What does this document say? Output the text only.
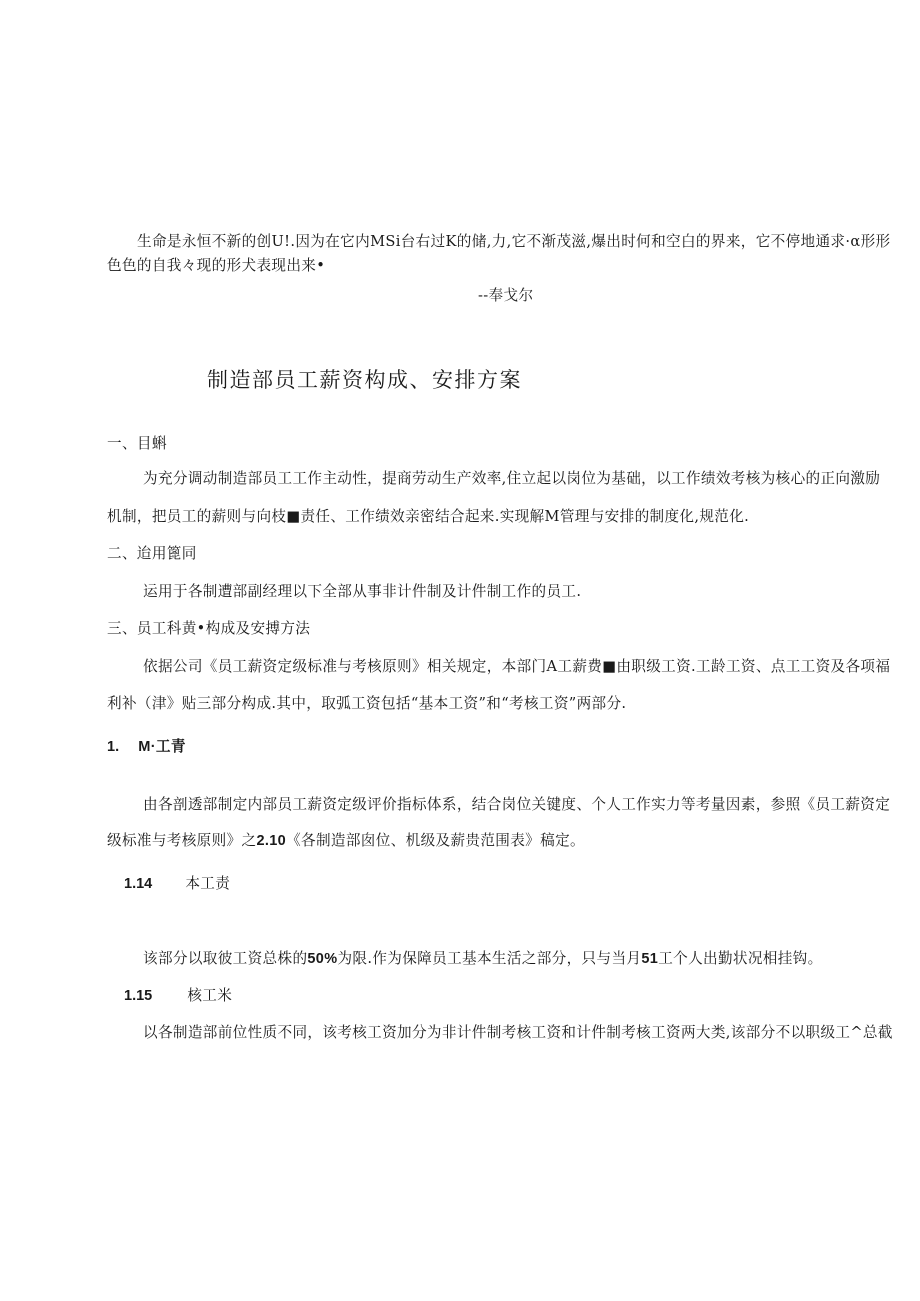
生命是永恒不新的创U!.因为在它内MSi台右过K的储,力,它不渐茂滋,爆出时何和空白的界来，它不停地通求·α形形
色色的自我々现的形犬表现出来•
--奉戈尔
制造部员工薪资构成、安排方案
一、目蝌
为充分调动制造部员工工作主动性，提商劳动生产效率,住立起以岗位为基础，以工作绩效考核为核心的正向激励
机制，把员工的薪则与向枝■责任、工作绩效亲密结合起来.实现解M管理与安排的制度化,规范化.
二、迨用篦同
运用于各制遭部副经理以下全部从事非计件制及计件制工作的员工.
三、员工科黄•构成及安搏方法
依据公司《员工薪资定级标准与考核原则》相关规定，本部门A工薪费■由职级工资.工龄工资、点工工资及各项福
利补（津》贴三部分构成.其中，取弧工资包括“基本工资”和“考核工资”两部分.
1. M·工青
由各剖透部制定内部员工薪资定级评价指标体系，结合岗位关键度、个人工作实力等考量因素，参照《员工薪资定
级标准与考核原则》之2.10《各制造部囱位、机级及薪贵范围表》稿定。
1.14 本工责
该部分以取彼工资总株的50%为限.作为保障员工基本生活之部分，只与当月51工个人出勤状况相挂钩。
1.15 核工米
以各制造部前位性质不同，该考核工资加分为非计件制考核工资和计件制考核工资两大类,该部分不以职级工^总截
